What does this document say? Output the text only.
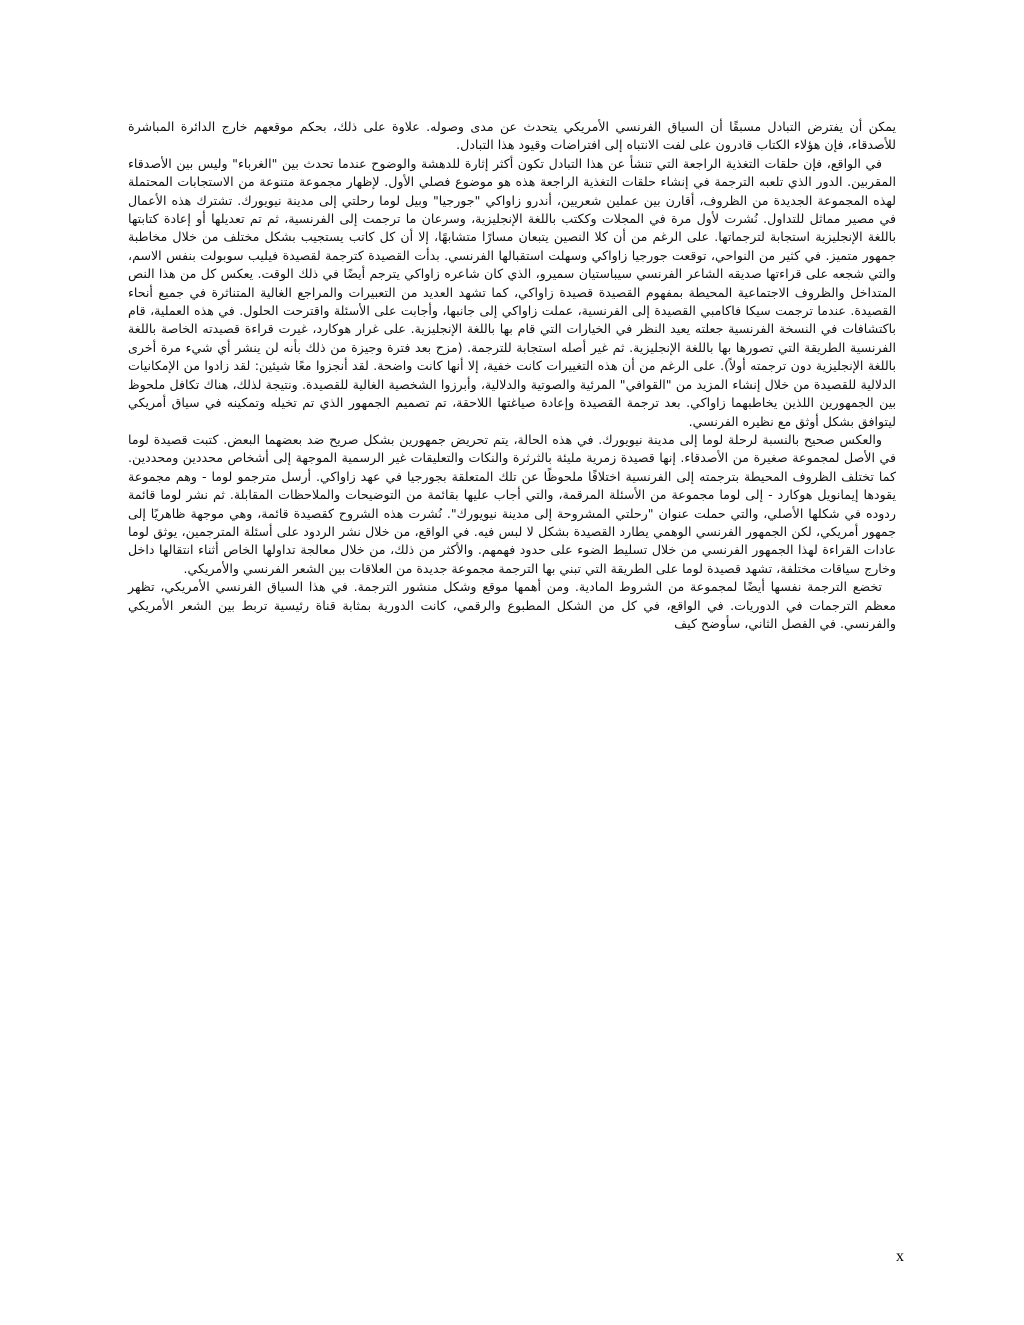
يمكن أن يفترض التبادل مسبقًا أن السياق الفرنسي الأمريكي يتحدث عن مدى وصوله. علاوة على ذلك، بحكم موقعهم خارج الدائرة المباشرة للأصدقاء، فإن هؤلاء الكتاب قادرون على لفت الانتباه إلى افتراضات وقيود هذا التبادل.

في الواقع، فإن حلقات التغذية الراجعة التي تنشأ عن هذا التبادل تكون أكثر إثارة للدهشة والوضوح عندما تحدث بين "الغرباء" وليس بين الأصدقاء المقربين. الدور الذي تلعبه الترجمة في إنشاء حلقات التغذية الراجعة هذه هو موضوع فصلي الأول. لإظهار مجموعة متنوعة من الاستجابات المحتملة لهذه المجموعة الجديدة من الظروف، أقارن بين عملين شعريين، أندرو زاواكي "جورجيا" وبيل لوما رحلتي إلى مدينة نيويورك. تشترك هذه الأعمال في مصير مماثل للتداول. نُشرت لأول مرة في المجلات وككتب باللغة الإنجليزية، وسرعان ما ترجمت إلى الفرنسية، ثم تم تعديلها أو إعادة كتابتها باللغة الإنجليزية استجابة لترجماتها. على الرغم من أن كلا النصين يتبعان مسارًا متشابهًا، إلا أن كل كاتب يستجيب بشكل مختلف من خلال مخاطبة جمهور متميز. في كثير من النواحي، توقعت جورجيا زاواكي وسهلت استقبالها الفرنسي. بدأت القصيدة كترجمة لقصيدة فيليب سوبولت بنفس الاسم، والتي شجعه على قراءتها صديقه الشاعر الفرنسي سيباستيان سميرو، الذي كان شاعره زاواكي يترجم أيضًا في ذلك الوقت. يعكس كل من هذا النص المتداخل والظروف الاجتماعية المحيطة بمفهوم القصيدة قصيدة زاواكي، كما تشهد العديد من التعبيرات والمراجع الغالية المتناثرة في جميع أنحاء القصيدة. عندما ترجمت سيكا فاكامبي القصيدة إلى الفرنسية، عملت زاواكي إلى جانبها، وأجابت على الأسئلة واقترحت الحلول. في هذه العملية، قام باكتشافات في النسخة الفرنسية جعلته يعيد النظر في الخيارات التي قام بها باللغة الإنجليزية. على غرار هوكارد، غيرت قراءة قصيدته الخاصة باللغة الفرنسية الطريقة التي تصورها بها باللغة الإنجليزية. ثم غير أصله استجابة للترجمة. (مزح بعد فترة وجيزة من ذلك بأنه لن ينشر أي شيء مرة أخرى باللغة الإنجليزية دون ترجمته أولاً). على الرغم من أن هذه التغييرات كانت خفية، إلا أنها كانت واضحة. لقد أنجزوا معًا شيئين: لقد زادوا من الإمكانيات الدلالية للقصيدة من خلال إنشاء المزيد من "القوافي" المرئية والصوتية والدلالية، وأبرزوا الشخصية الغالية للقصيدة. ونتيجة لذلك، هناك تكافل ملحوظ بين الجمهورين اللذين يخاطبهما زاواكي. بعد ترجمة القصيدة وإعادة صياغتها اللاحقة، تم تصميم الجمهور الذي تم تخيله وتمكينه في سياق أمريكي ليتوافق بشكل أوثق مع نظيره الفرنسي.

والعكس صحيح بالنسبة لرحلة لوما إلى مدينة نيويورك. في هذه الحالة، يتم تحريض جمهورين بشكل صريح ضد بعضهما البعض. كتبت قصيدة لوما في الأصل لمجموعة صغيرة من الأصدقاء. إنها قصيدة زمرية مليئة بالثرثرة والنكات والتعليقات غير الرسمية الموجهة إلى أشخاص محددين ومحددين. كما تختلف الظروف المحيطة بترجمته إلى الفرنسية اختلافًا ملحوظًا عن تلك المتعلقة بجورجيا في عهد زاواكي. أرسل مترجمو لوما - وهم مجموعة يقودها إيمانويل هوكارد - إلى لوما مجموعة من الأسئلة المرقمة، والتي أجاب عليها بقائمة من التوضيحات والملاحظات المقابلة. ثم نشر لوما قائمة ردوده في شكلها الأصلي، والتي حملت عنوان "رحلتي المشروحة إلى مدينة نيويورك". نُشرت هذه الشروح كقصيدة قائمة، وهي موجهة ظاهريًا إلى جمهور أمريكي، لكن الجمهور الفرنسي الوهمي يطارد القصيدة بشكل لا لبس فيه. في الواقع، من خلال نشر الردود على أسئلة المترجمين، يوثق لوما عادات القراءة لهذا الجمهور الفرنسي من خلال تسليط الضوء على حدود فهمهم. والأكثر من ذلك، من خلال معالجة تداولها الخاص أثناء انتقالها داخل وخارج سياقات مختلفة، تشهد قصيدة لوما على الطريقة التي تبني بها الترجمة مجموعة جديدة من العلاقات بين الشعر الفرنسي والأمريكي.

تخضع الترجمة نفسها أيضًا لمجموعة من الشروط المادية. ومن أهمها موقع وشكل منشور الترجمة. في هذا السياق الفرنسي الأمريكي، تظهر معظم الترجمات في الدوريات. في الواقع، في كل من الشكل المطبوع والرقمي، كانت الدورية بمثابة قناة رئيسية تربط بين الشعر الأمريكي والفرنسي. في الفصل الثاني، سأوضح كيف

x
